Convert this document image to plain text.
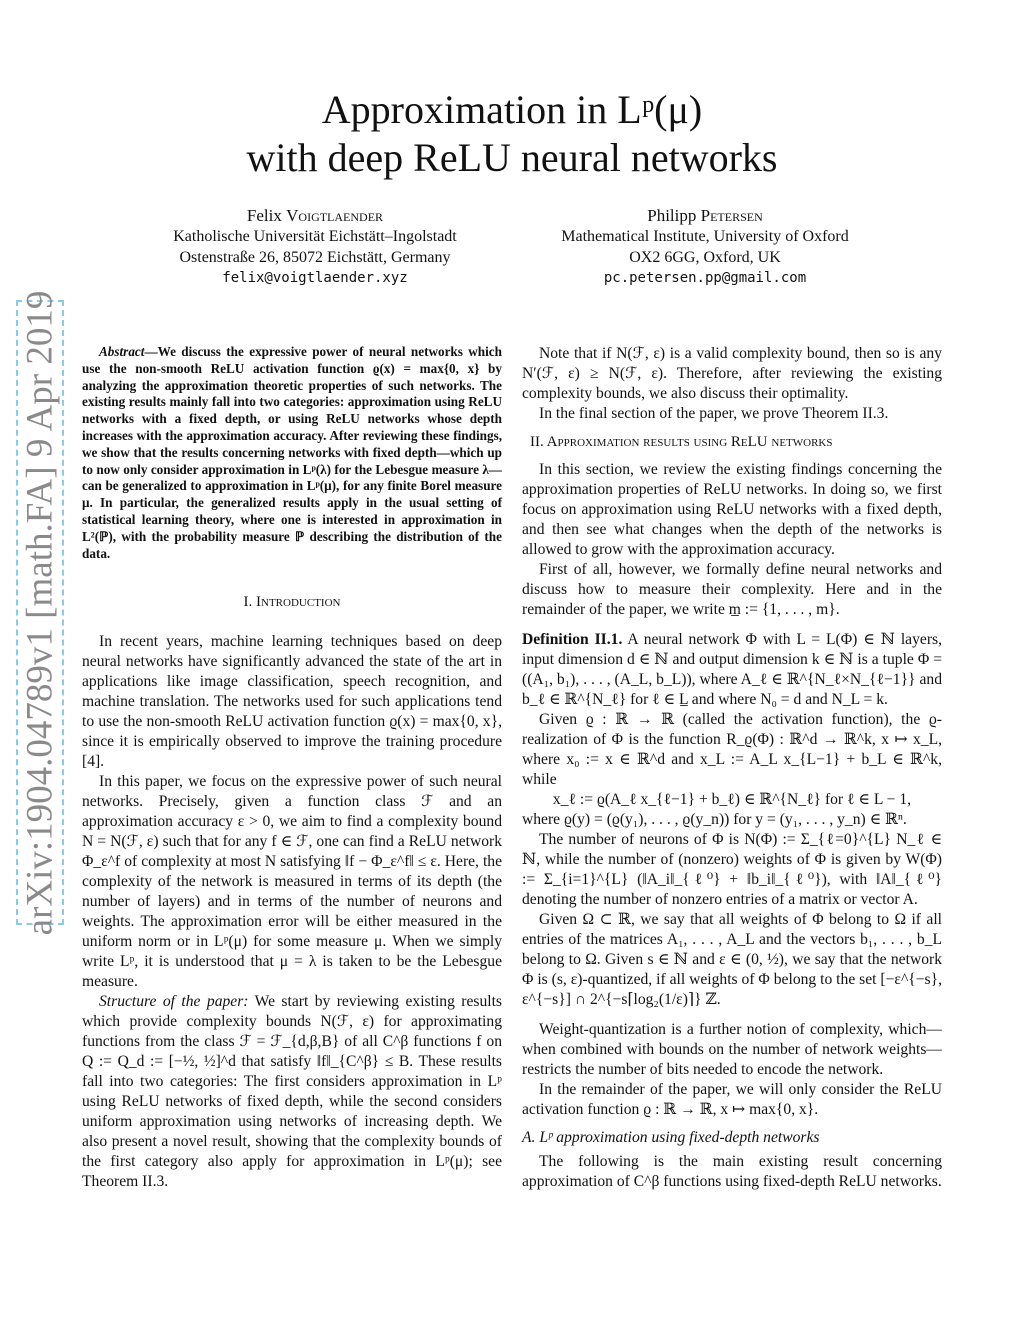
Approximation in Lᵖ(μ)
with deep ReLU neural networks
Felix Voigtlaender
Katholische Universität Eichstätt–Ingolstadt
Ostenstraße 26, 85072 Eichstätt, Germany
felix@voigtlaender.xyz
Philipp Petersen
Mathematical Institute, University of Oxford
OX2 6GG, Oxford, UK
pc.petersen.pp@gmail.com
arXiv:1904.04789v1 [math.FA] 9 Apr 2019	Abstract—We discuss the expressive power of neural networks which use the non-smooth ReLU activation function ϱ(x) = max{0, x} by analyzing the approximation theoretic properties of such networks. The existing results mainly fall into two categories: approximation using ReLU networks with a fixed depth, or using ReLU networks whose depth increases with the approximation accuracy. After reviewing these findings, we show that the results concerning networks with fixed depth—which up to now only consider approximation in Lᵖ(λ) for the Lebesgue measure λ—can be generalized to approximation in Lᵖ(μ), for any finite Borel measure μ. In particular, the generalized results apply in the usual setting of statistical learning theory, where one is interested in approximation in L²(ℙ), with the probability measure ℙ describing the distribution of the data.

I. Introduction

In recent years, machine learning techniques based on deep neural networks have significantly advanced the state of the art in applications like image classification, speech recognition, and machine translation. The networks used for such applications tend to use the non-smooth ReLU activation function ϱ(x) = max{0, x}, since it is empirically observed to improve the training procedure [4].

In this paper, we focus on the expressive power of such neural networks. Precisely, given a function class ℱ and an approximation accuracy ε > 0, we aim to find a complexity bound N = N(ℱ, ε) such that for any f ∈ ℱ, one can find a ReLU network Φ_ε^f of complexity at most N satisfying ‖f − Φ_ε^f‖ ≤ ε. Here, the complexity of the network is measured in terms of its depth (the number of layers) and in terms of the number of neurons and weights. The approximation error will be either measured in the uniform norm or in Lᵖ(μ) for some measure μ. When we simply write Lᵖ, it is understood that μ = λ is taken to be the Lebesgue measure.

Structure of the paper: We start by reviewing existing results which provide complexity bounds N(ℱ, ε) for approximating functions from the class ℱ = ℱ_{d,β,B} of all C^β functions f on Q := Q_d := [−½, ½]^d that satisfy ‖f‖_{C^β} ≤ B. These results fall into two categories: The first considers approximation in Lᵖ using ReLU networks of fixed depth, while the second considers uniform approximation using networks of increasing depth. We also present a novel result, showing that the complexity bounds of the first category also apply for approximation in Lᵖ(μ); see Theorem II.3.

Note that if N(ℱ, ε) is a valid complexity bound, then so is any N′(ℱ, ε) ≥ N(ℱ, ε). Therefore, after reviewing the existing complexity bounds, we also discuss their optimality.

In the final section of the paper, we prove Theorem II.3.

II. Approximation results using ReLU networks

In this section, we review the existing findings concerning the approximation properties of ReLU networks. In doing so, we first focus on approximation using ReLU networks with a fixed depth, and then see what changes when the depth of the networks is allowed to grow with the approximation accuracy.

First of all, however, we formally define neural networks and discuss how to measure their complexity. Here and in the remainder of the paper, we write m̲ := {1, . . . , m}.

Definition II.1. A neural network Φ with L = L(Φ) ∈ ℕ layers, input dimension d ∈ ℕ and output dimension k ∈ ℕ is a tuple Φ = ((A₁, b₁), . . . , (A_L, b_L)), where A_ℓ ∈ ℝ^{N_ℓ×N_{ℓ−1}} and b_ℓ ∈ ℝ^{N_ℓ} for ℓ ∈ L̲ and where N₀ = d and N_L = k.

Given ϱ : ℝ → ℝ (called the activation function), the ϱ-realization of Φ is the function R_ϱ(Φ) : ℝ^d → ℝ^k, x ↦ x_L, where x₀ := x ∈ ℝ^d and x_L := A_L x_{L−1} + b_L ∈ ℝ^k, while

x_ℓ := ϱ(A_ℓ x_{ℓ−1} + b_ℓ) ∈ ℝ^{N_ℓ} for ℓ ∈ L − 1,

where ϱ(y) = (ϱ(y₁), . . . , ϱ(y_n)) for y = (y₁, . . . , y_n) ∈ ℝⁿ.

The number of neurons of Φ is N(Φ) := Σ_{ℓ=0}^{L} N_ℓ ∈ ℕ, while the number of (nonzero) weights of Φ is given by W(Φ) := Σ_{i=1}^{L} (‖A_i‖_{ℓ⁰} + ‖b_i‖_{ℓ⁰}), with ‖A‖_{ℓ⁰} denoting the number of nonzero entries of a matrix or vector A.

Given Ω ⊂ ℝ, we say that all weights of Φ belong to Ω if all entries of the matrices A₁, . . . , A_L and the vectors b₁, . . . , b_L belong to Ω. Given s ∈ ℕ and ε ∈ (0, ½), we say that the network Φ is (s, ε)-quantized, if all weights of Φ belong to the set [−ε^{−s}, ε^{−s}] ∩ 2^{−s⌈log₂(1/ε)⌉} ℤ.

Weight-quantization is a further notion of complexity, which—when combined with bounds on the number of network weights—restricts the number of bits needed to encode the network.

In the remainder of the paper, we will only consider the ReLU activation function ϱ : ℝ → ℝ, x ↦ max{0, x}.

A. Lᵖ approximation using fixed-depth networks

The following is the main existing result concerning approximation of C^β functions using fixed-depth ReLU networks.
